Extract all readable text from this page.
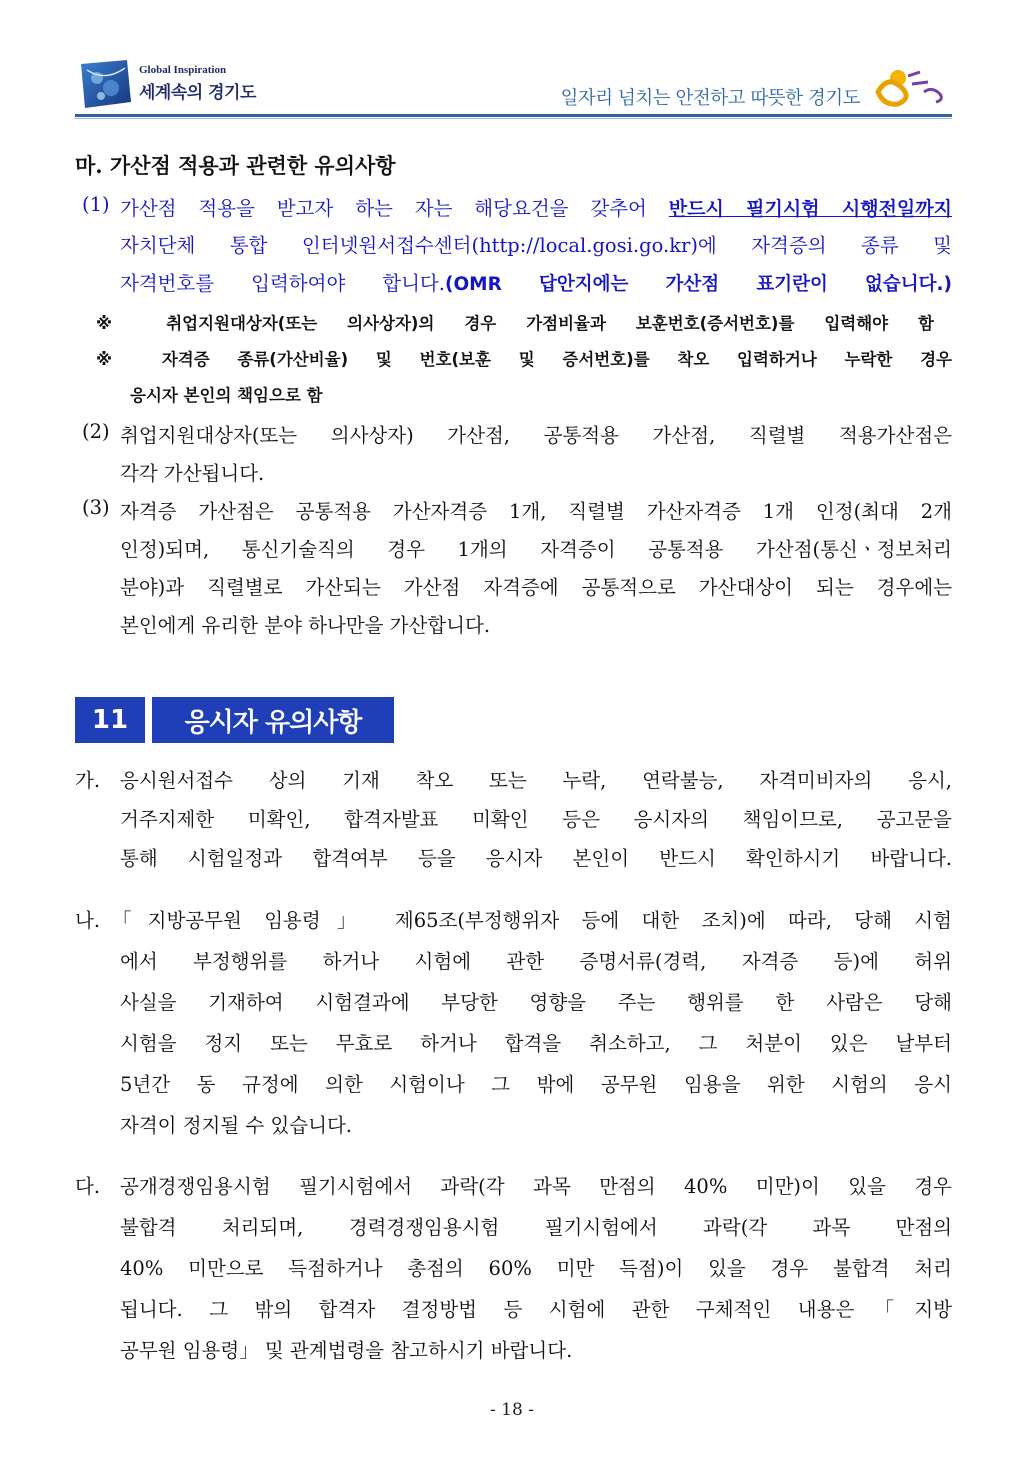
Global Inspiration
세계속의 경기도	일자리 넘치는 안전하고 따뜻한 경기도
마. 가산점 적용과 관련한 유의사항
(1) 가산점 적용을 받고자 하는 자는 해당요건을 갖추어 반드시 필기시험 시행전일까지
자치단체 통합 인터넷원서접수센터(http://local.gosi.go.kr)에 자격증의 종류 및
자격번호를 입력하여야 합니다.(OMR 답안지에는 가산점 표기란이 없습니다.)
※ 취업지원대상자(또는 의사상자)의 경우 가점비율과 보훈번호(증서번호)를 입력해야 함
※ 자격증 종류(가산비율) 및 번호(보훈 및 증서번호)를 착오 입력하거나 누락한 경우
응시자 본인의 책임으로 함
(2) 취업지원대상자(또는 의사상자) 가산점, 공통적용 가산점, 직렬별 적용가산점은
각각 가산됩니다.
(3) 자격증 가산점은 공통적용 가산자격증 1개, 직렬별 가산자격증 1개 인정(최대 2개
인정)되며, 통신기술직의 경우 1개의 자격증이 공통적용 가산점(통신ㆍ정보처리
분야)과 직렬별로 가산되는 가산점 자격증에 공통적으로 가산대상이 되는 경우에는
본인에게 유리한 분야 하나만을 가산합니다.
11	응시자 유의사항
가. 응시원서접수 상의 기재 착오 또는 누락, 연락불능, 자격미비자의 응시,
거주지제한 미확인, 합격자발표 미확인 등은 응시자의 책임이므로, 공고문을
통해 시험일정과 합격여부 등을 응시자 본인이 반드시 확인하시기 바랍니다.
나. 「지방공무원 임용령」 제65조(부정행위자 등에 대한 조치)에 따라, 당해 시험
에서 부정행위를 하거나 시험에 관한 증명서류(경력, 자격증 등)에 허위
사실을 기재하여 시험결과에 부당한 영향을 주는 행위를 한 사람은 당해
시험을 정지 또는 무효로 하거나 합격을 취소하고, 그 처분이 있은 날부터
5년간 동 규정에 의한 시험이나 그 밖에 공무원 임용을 위한 시험의 응시
자격이 정지될 수 있습니다.
다. 공개경쟁임용시험 필기시험에서 과락(각 과목 만점의 40% 미만)이 있을 경우
불합격 처리되며, 경력경쟁임용시험 필기시험에서 과락(각 과목 만점의
40% 미만으로 득점하거나 총점의 60% 미만 득점)이 있을 경우 불합격 처리
됩니다. 그 밖의 합격자 결정방법 등 시험에 관한 구체적인 내용은「지방
공무원 임용령」 및 관계법령을 참고하시기 바랍니다.
- 18 -
